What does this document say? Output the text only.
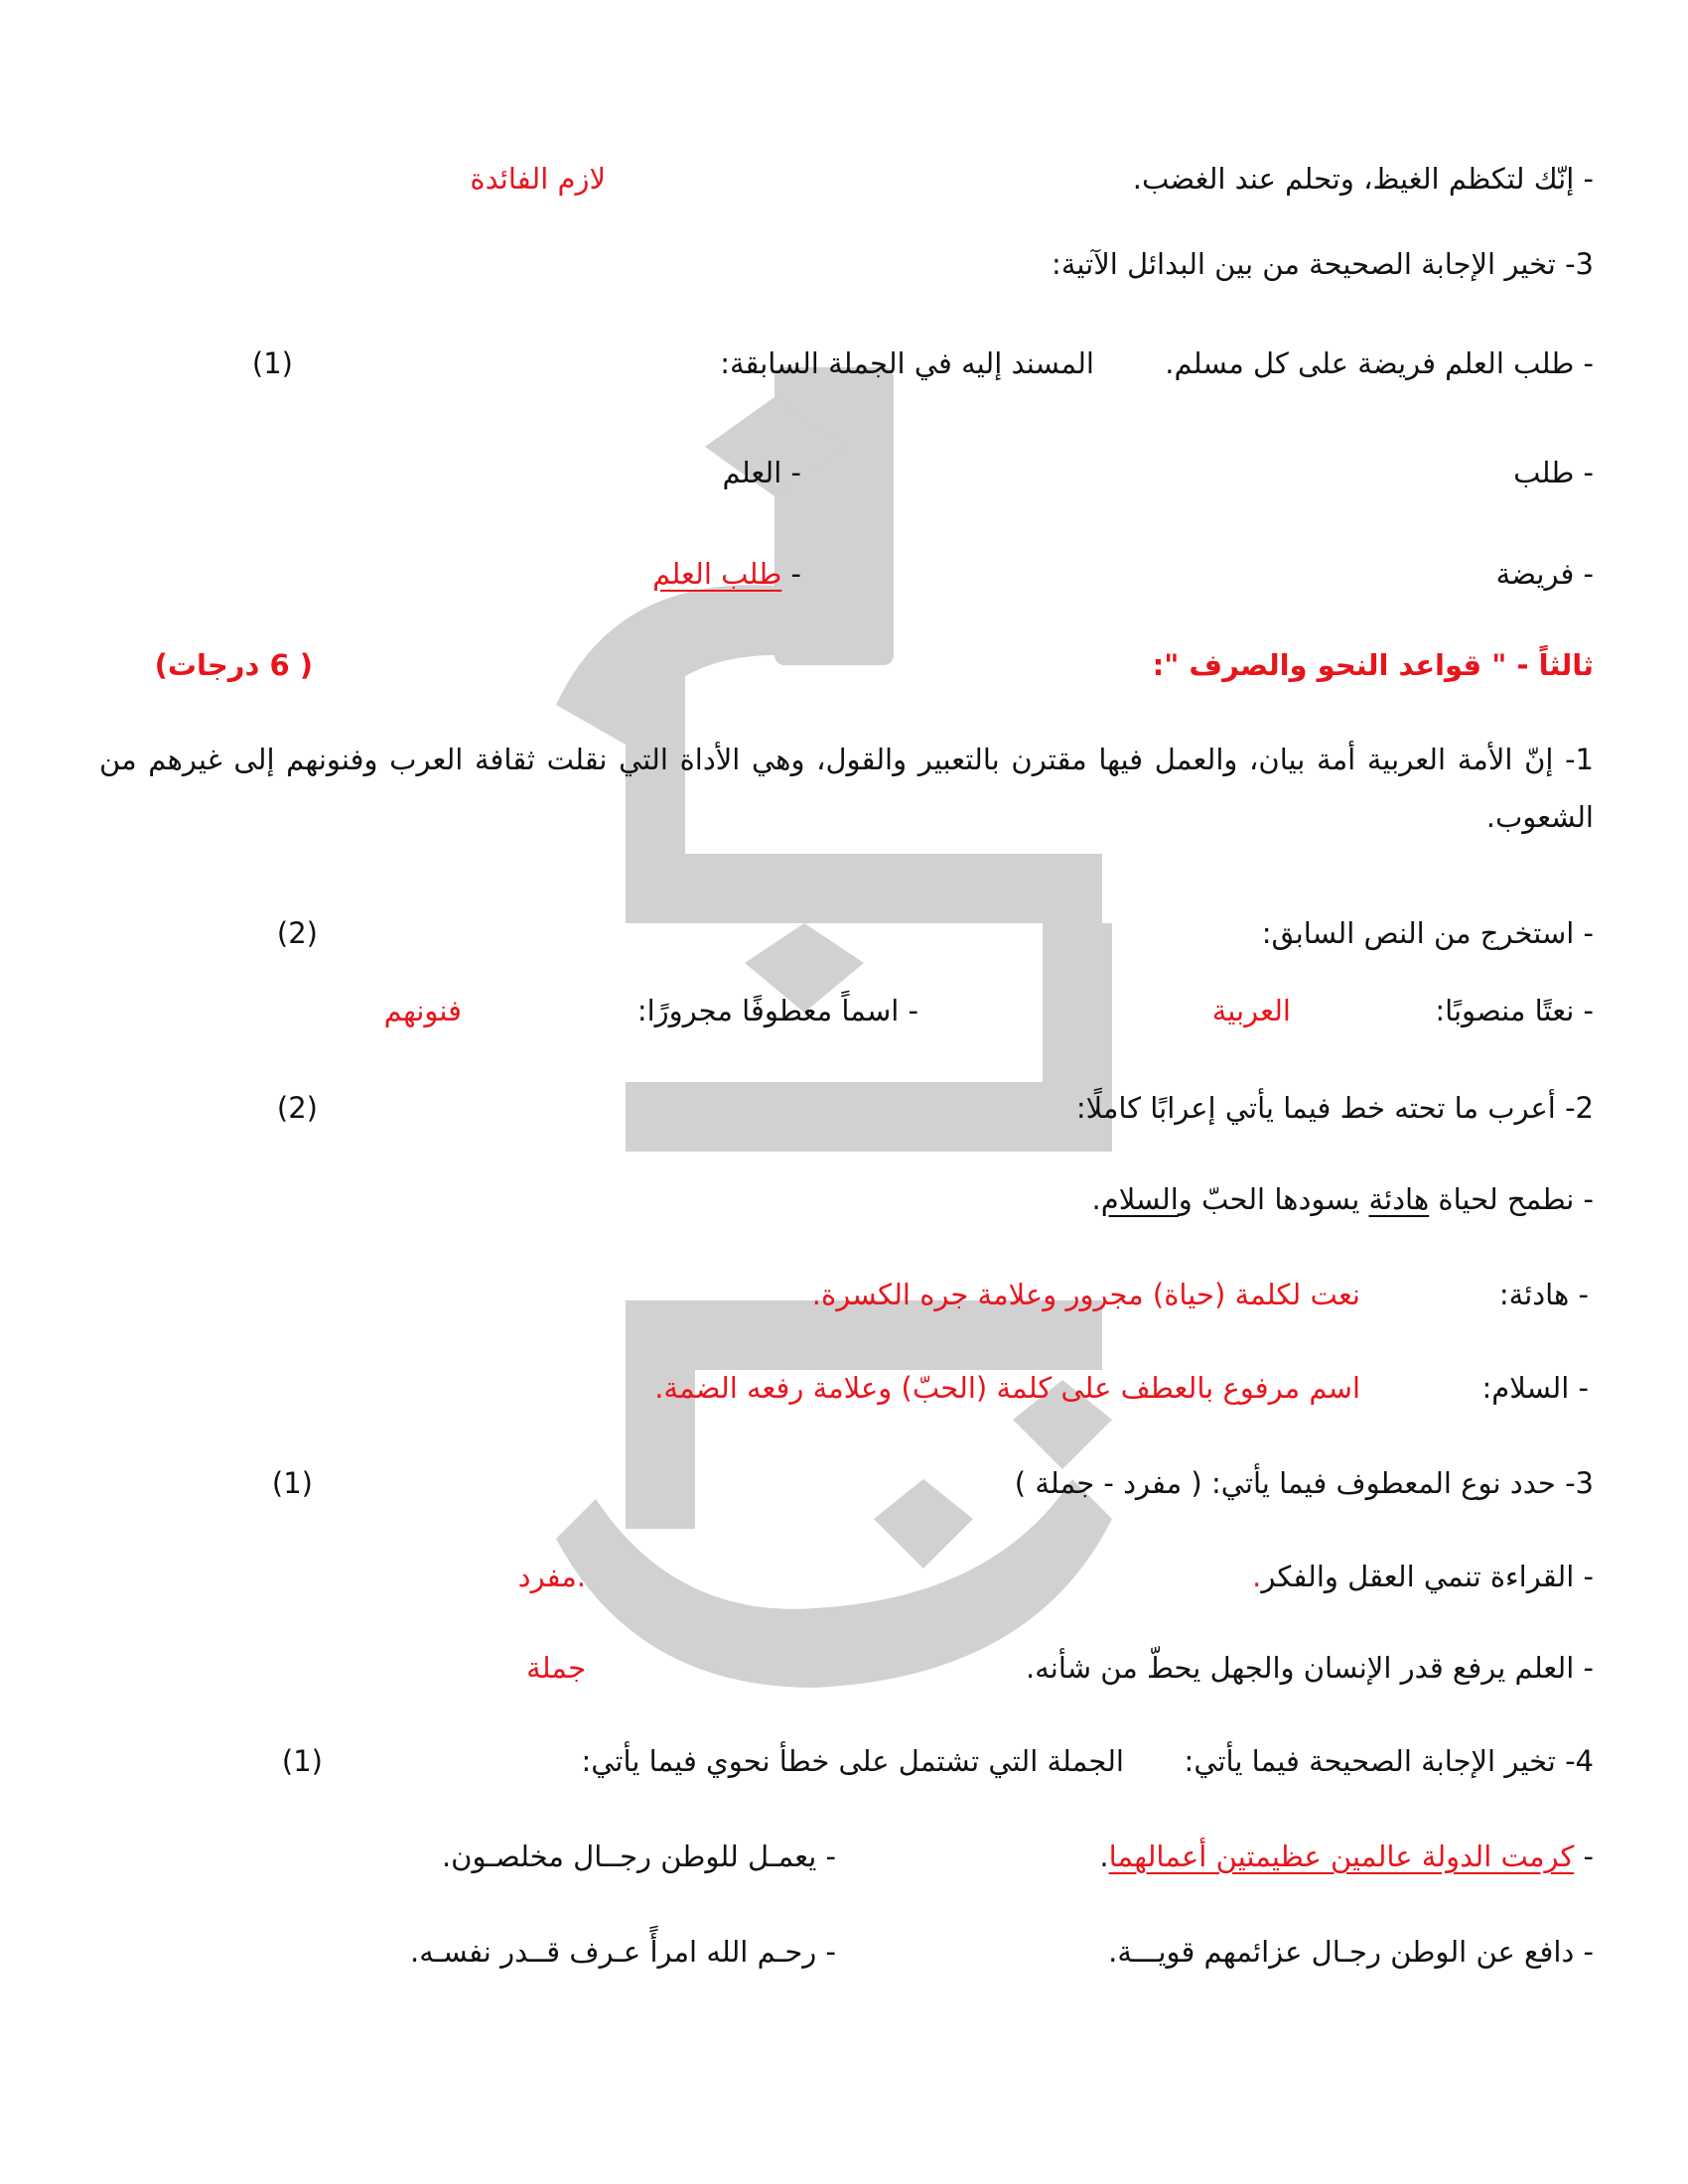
- إنّك لتكظم الغيظ، وتحلم عند الغضب.
لازم الفائدة
3- تخير الإجابة الصحيحة من بين البدائل الآتية:
- طلب العلم فريضة على كل مسلم.
المسند إليه في الجملة السابقة:
(1)
- طلب
- العلم
- فريضة
- طلب العلم
ثالثاً - " قواعد النحو والصرف ":
( 6 درجات)
1- إنّ الأمة العربية أمة بيان، والعمل فيها مقترن بالتعبير والقول، وهي الأداة التي نقلت ثقافة العرب وفنونهم إلى غيرهم من الشعوب.
- استخرج من النص السابق:
(2)
- نعتًا منصوبًا:
العربية
- اسماً معطوفًا مجرورًا:
فنونهم
2- أعرب ما تحته خط فيما يأتي إعرابًا كاملًا:
(2)
- نطمح لحياة هادئة يسودها الحبّ والسلام.
- هادئة:
نعت لكلمة (حياة) مجرور وعلامة جره الكسرة.
- السلام:
اسم مرفوع بالعطف على كلمة (الحبّ) وعلامة رفعه الضمة.
3- حدد نوع المعطوف فيما يأتي: ( مفرد - جملة )
(1)
- القراءة تنمي العقل والفكر.
.مفرد
- العلم يرفع قدر الإنسان والجهل يحطّ من شأنه.
جملة
4- تخير الإجابة الصحيحة فيما يأتي:
الجملة التي تشتمل على خطأ نحوي فيما يأتي:
(1)
- كرمت الدولة عالمين عظيمتين أعمالهما.
- يعمـل للوطن رجــال مخلصـون.
- دافع عن الوطن رجـال عزائمهم قويـــة.
- رحـم الله امرأً عـرف قــدر نفسـه.
